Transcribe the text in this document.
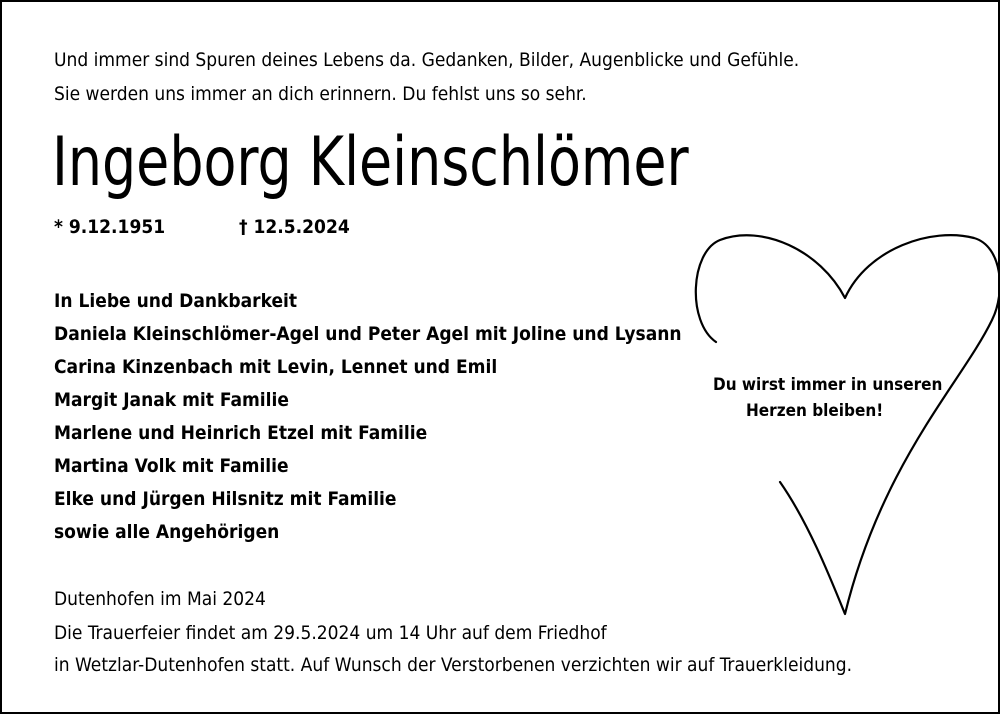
Und immer sind Spuren deines Lebens da. Gedanken, Bilder, Augenblicke und Gefühle.
Sie werden uns immer an dich erinnern. Du fehlst uns so sehr.
Ingeborg Kleinschlömer
* 9.12.1951	† 12.5.2024
In Liebe und Dankbarkeit
Daniela Kleinschlömer-Agel und Peter Agel mit Joline und Lysann
Carina Kinzenbach mit Levin, Lennet und Emil
Margit Janak mit Familie
Marlene und Heinrich Etzel mit Familie
Martina Volk mit Familie
Elke und Jürgen Hilsnitz mit Familie
sowie alle Angehörigen
Du wirst immer in unseren
Herzen bleiben!
Dutenhofen im Mai 2024
Die Trauerfeier findet am 29.5.2024 um 14 Uhr auf dem Friedhof
in Wetzlar-Dutenhofen statt. Auf Wunsch der Verstorbenen verzichten wir auf Trauerkleidung.
